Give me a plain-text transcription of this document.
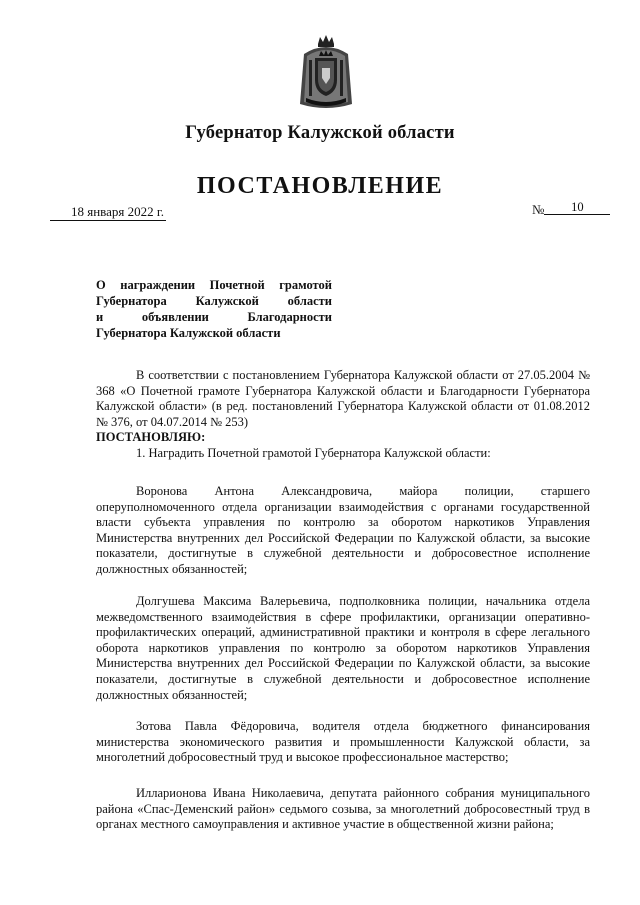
Губернатор Калужской области
ПОСТАНОВЛЕНИЕ
18 января 2022 г.	№ 10
О награждении Почетной грамотой
Губернатора Калужской области
и объявлении Благодарности
Губернатора Калужской области

В соответствии с постановлением Губернатора Калужской области от 27.05.2004 № 368 «О Почетной грамоте Губернатора Калужской области и Благодарности Губернатора Калужской области» (в ред. постановлений Губернатора Калужской области от 01.08.2012 № 376, от 04.07.2014 № 253)

ПОСТАНОВЛЯЮ:

1. Наградить Почетной грамотой Губернатора Калужской области:

Воронова Антона Александровича, майора полиции, старшего оперуполномоченного отдела организации взаимодействия с органами государственной власти субъекта управления по контролю за оборотом наркотиков Управления Министерства внутренних дел Российской Федерации по Калужской области, за высокие показатели, достигнутые в служебной деятельности и добросовестное исполнение должностных обязанностей;

Долгушева Максима Валерьевича, подполковника полиции, начальника отдела межведомственного взаимодействия в сфере профилактики, организации оперативно-профилактических операций, административной практики и контроля в сфере легального оборота наркотиков управления по контролю за оборотом наркотиков Управления Министерства внутренних дел Российской Федерации по Калужской области, за высокие показатели, достигнутые в служебной деятельности и добросовестное исполнение должностных обязанностей;

Зотова Павла Фёдоровича, водителя отдела бюджетного финансирования министерства экономического развития и промышленности Калужской области, за многолетний добросовестный труд и высокое профессиональное мастерство;

Илларионова Ивана Николаевича, депутата районного собрания муниципального района «Спас-Деменский район» седьмого созыва, за многолетний добросовестный труд в органах местного самоуправления и активное участие в общественной жизни района;
